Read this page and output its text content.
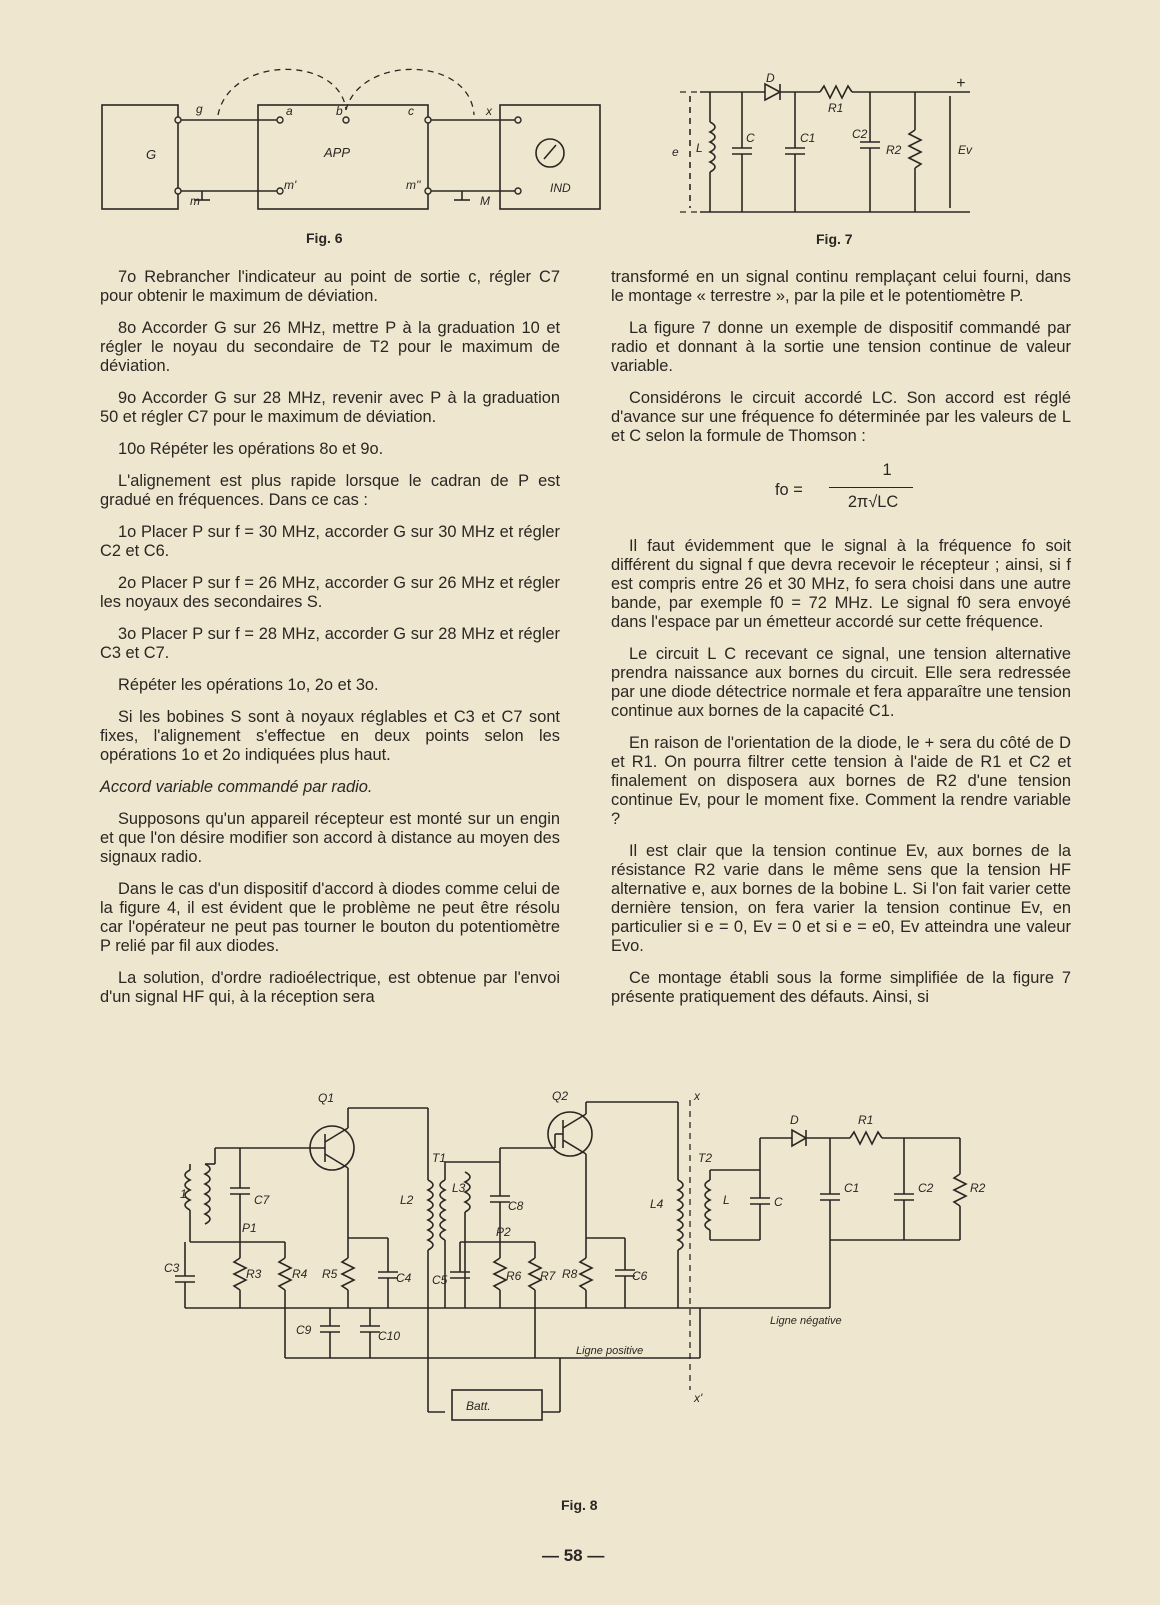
g	a	b	c	x
G	APP
m
m'	m''
M
IND
Fig. 6
+
D
R1
e L
C	C1	C2
R2	Ev
Fig. 7

7o Rebrancher l'indicateur au point de sortie c, régler C7 pour obtenir le maximum de déviation.

8o Accorder G sur 26 MHz, mettre P à la graduation 10 et régler le noyau du secondaire de T2 pour le maximum de déviation.

9o Accorder G sur 28 MHz, revenir avec P à la graduation 50 et régler C7 pour le maximum de déviation.

10o Répéter les opérations 8o et 9o.

L'alignement est plus rapide lorsque le cadran de P est gradué en fréquences. Dans ce cas :

1o Placer P sur f = 30 MHz, accorder G sur 30 MHz et régler C2 et C6.

2o Placer P sur f = 26 MHz, accorder G sur 26 MHz et régler les noyaux des secondaires S.

3o Placer P sur f = 28 MHz, accorder G sur 28 MHz et régler C3 et C7.

Répéter les opérations 1o, 2o et 3o.

Si les bobines S sont à noyaux réglables et C3 et C7 sont fixes, l'alignement s'effectue en deux points selon les opérations 1o et 2o indiquées plus haut.

Accord variable commandé par radio.

Supposons qu'un appareil récepteur est monté sur un engin et que l'on désire modifier son accord à distance au moyen des signaux radio.

Dans le cas d'un dispositif d'accord à diodes comme celui de la figure 4, il est évident que le problème ne peut être résolu car l'opérateur ne peut pas tourner le bouton du potentiomètre P relié par fil aux diodes.

La solution, d'ordre radioélectrique, est obtenue par l'envoi d'un signal HF qui, à la réception sera

transformé en un signal continu remplaçant celui fourni, dans le montage « terrestre », par la pile et le potentiomètre P.

La figure 7 donne un exemple de dispositif commandé par radio et donnant à la sortie une tension continue de valeur variable.

Considérons le circuit accordé LC. Son accord est réglé d'avance sur une fréquence fo déterminée par les valeurs de L et C selon la formule de Thomson :

fo =
1
2π√LC

Il faut évidemment que le signal à la fréquence fo soit différent du signal f que devra recevoir le récepteur ; ainsi, si f est compris entre 26 et 30 MHz, fo sera choisi dans une autre bande, par exemple f0 = 72 MHz. Le signal f0 sera envoyé dans l'espace par un émetteur accordé sur cette fréquence.

Le circuit L C recevant ce signal, une tension alternative prendra naissance aux bornes du circuit. Elle sera redressée par une diode détectrice normale et fera apparaître une tension continue aux bornes de la capacité C1.

En raison de l'orientation de la diode, le + sera du côté de D et R1. On pourra filtrer cette tension à l'aide de R1 et C2 et finalement on disposera aux bornes de R2 d'une tension continue Ev, pour le moment fixe. Comment la rendre variable ?

Il est clair que la tension continue Ev, aux bornes de la résistance R2 varie dans le même sens que la tension HF alternative e, aux bornes de la bobine L. Si l'on fait varier cette dernière tension, on fera varier la tension continue Ev, en particulier si e = 0, Ev = 0 et si e = e0, Ev atteindra une valeur Evo.

Ce montage établi sous la forme simplifiée de la figure 7 présente pratiquement des défauts. Ainsi, si

Q1	Q2
T1	T2
x
x'
C7
P1
L2
L3
C8
P2
L4
C3	R3	R4 R5	C4 C5	R6 R7 R8	C6
C9	C10
L	C
D	R1
C1	C2	R2
Ligne positive
Ligne négative
Batt.
1
Fig. 8
— 58 —
